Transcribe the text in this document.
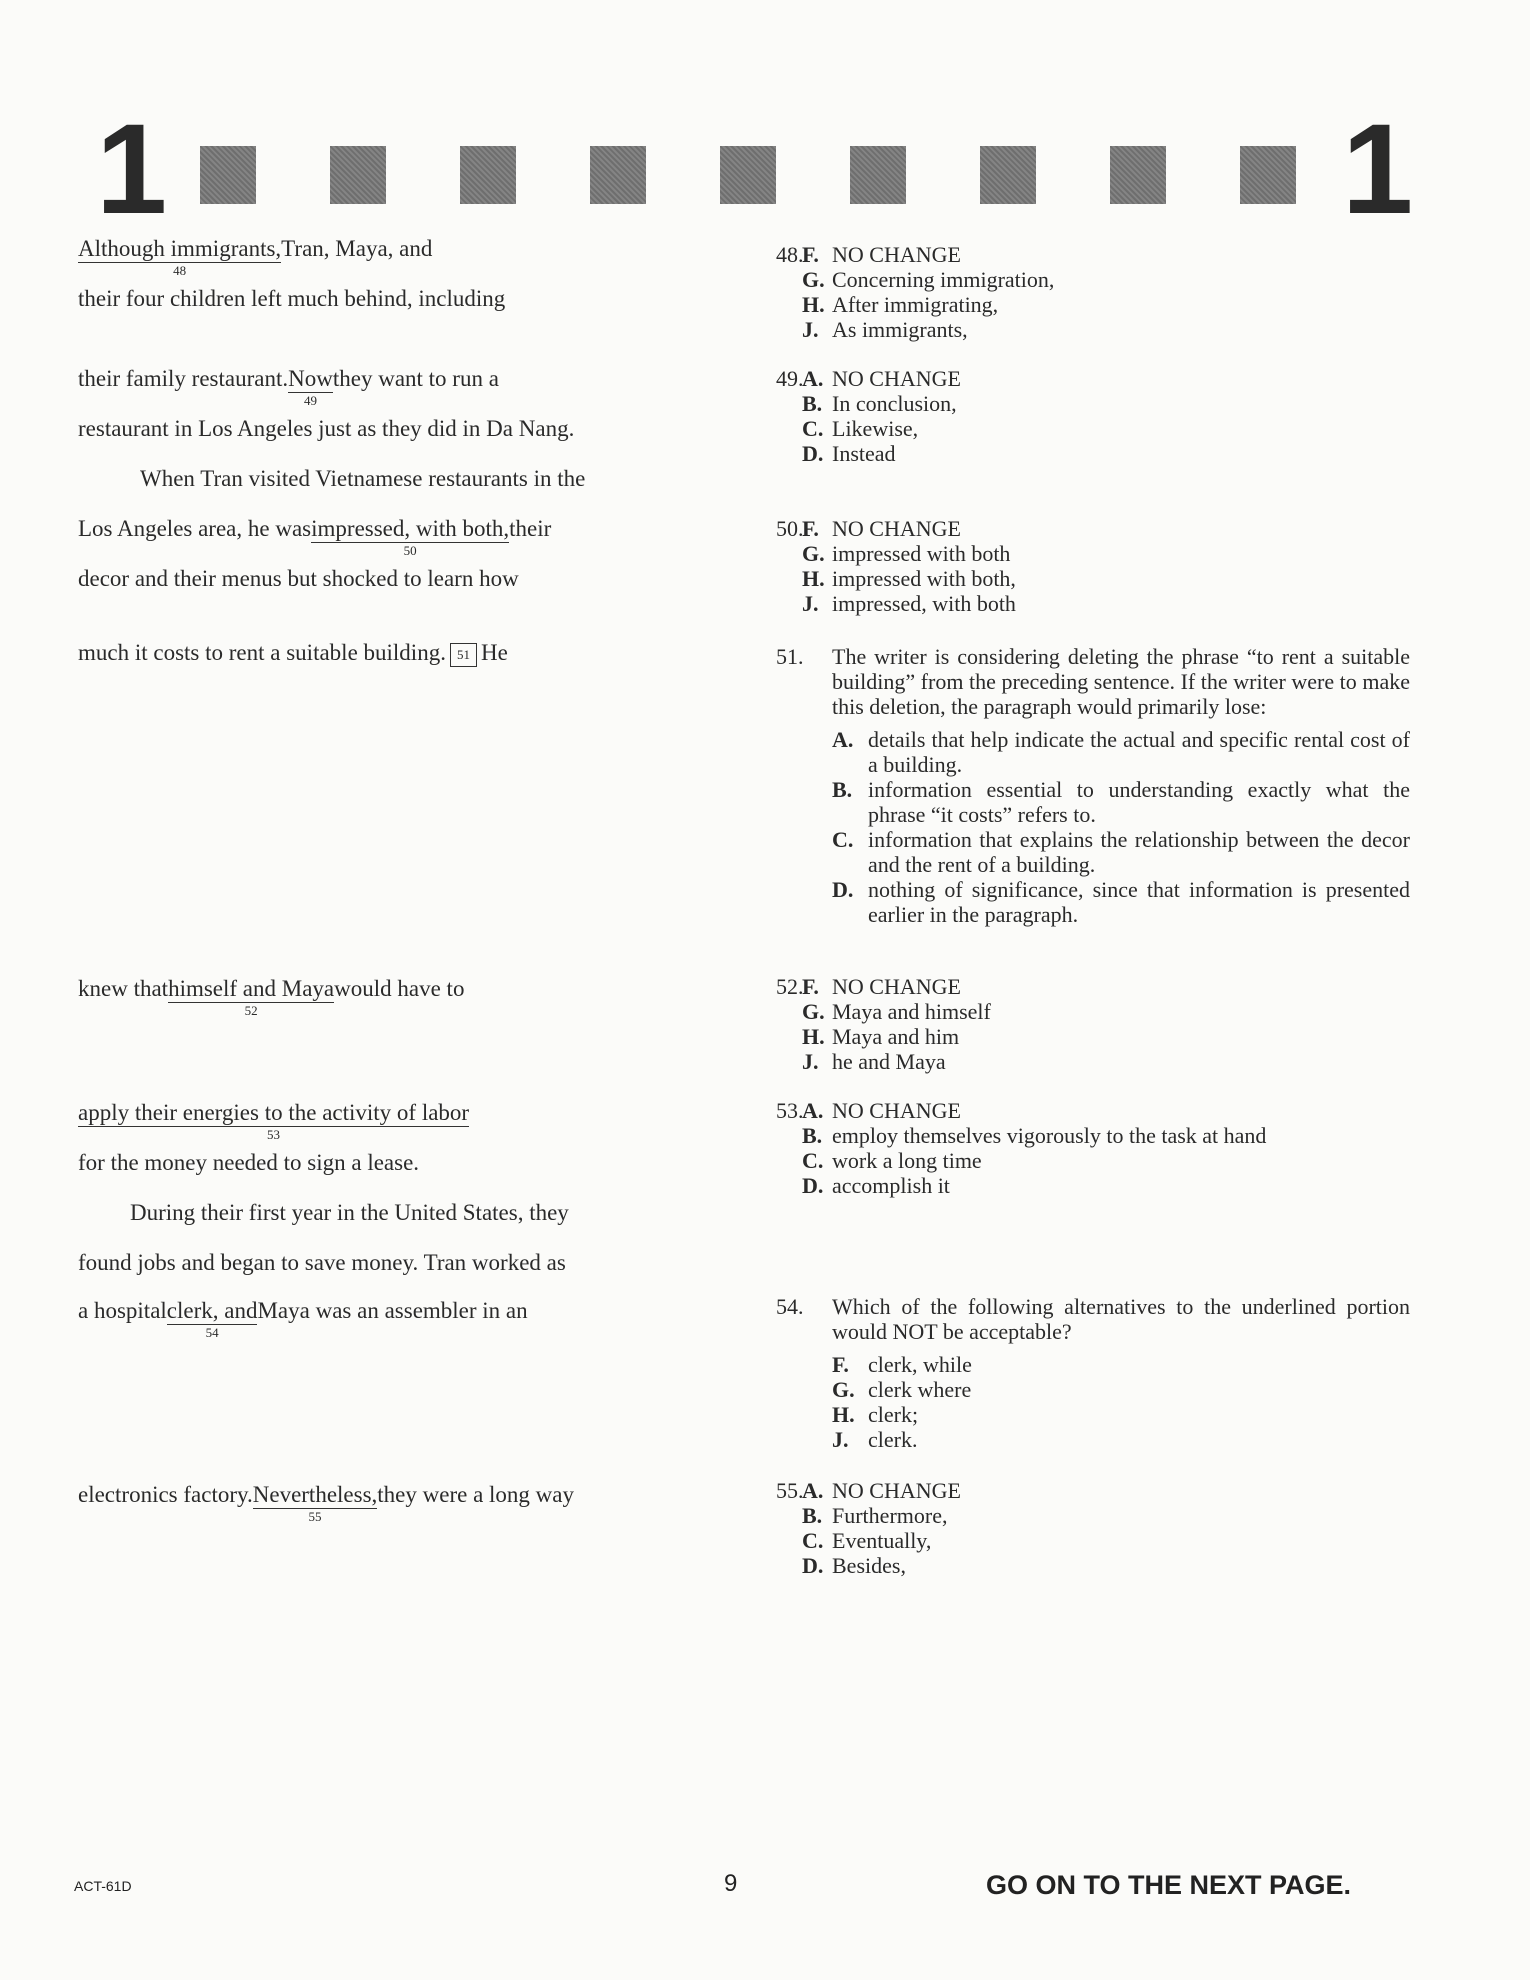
1	1
Although immigrants,
48
Tran, Maya, and
their four children left much behind, including
their family restaurant.Now
49
they want to run a
restaurant in Los Angeles just as they did in Da Nang.
When Tran visited Vietnamese restaurants in the
Los Angeles area, he wasimpressed, with both,
50
their
decor and their menus but shocked to learn how
much it costs to rent a suitable building.51He
knew thathimself and Maya
52
would have to
apply their energies to the activity of labor
53
for the money needed to sign a lease.
During their first year in the United States, they
found jobs and began to save money. Tran worked as
a hospitalclerk, and
54
Maya was an assembler in an
electronics factory.Nevertheless,
55
they were a long way
48.
F. NO CHANGE
G. Concerning immigration,
H. After immigrating,
J. As immigrants,
49.
A. NO CHANGE
B. In conclusion,
C. Likewise,
D. Instead
50.
F. NO CHANGE
G. impressed with both
H. impressed with both,
J. impressed, with both
51.	The writer is considering deleting the phrase “to rent a suitable building” from the preceding sentence. If the writer were to make this deletion, the paragraph would primarily lose:
A. details that help indicate the actual and specific rental cost of a building.
B. information essential to understanding exactly what the phrase “it costs” refers to.
C. information that explains the relationship between the decor and the rent of a building.
D. nothing of significance, since that information is presented earlier in the paragraph.
52.
F. NO CHANGE
G. Maya and himself
H. Maya and him
J. he and Maya
53.
A. NO CHANGE
B. employ themselves vigorously to the task at hand
C. work a long time
D. accomplish it
54.	Which of the following alternatives to the underlined portion would NOT be acceptable?
F. clerk, while
G. clerk where
H. clerk;
J. clerk.
55.
A. NO CHANGE
B. Furthermore,
C. Eventually,
D. Besides,
ACT-61D	9	GO ON TO THE NEXT PAGE.
